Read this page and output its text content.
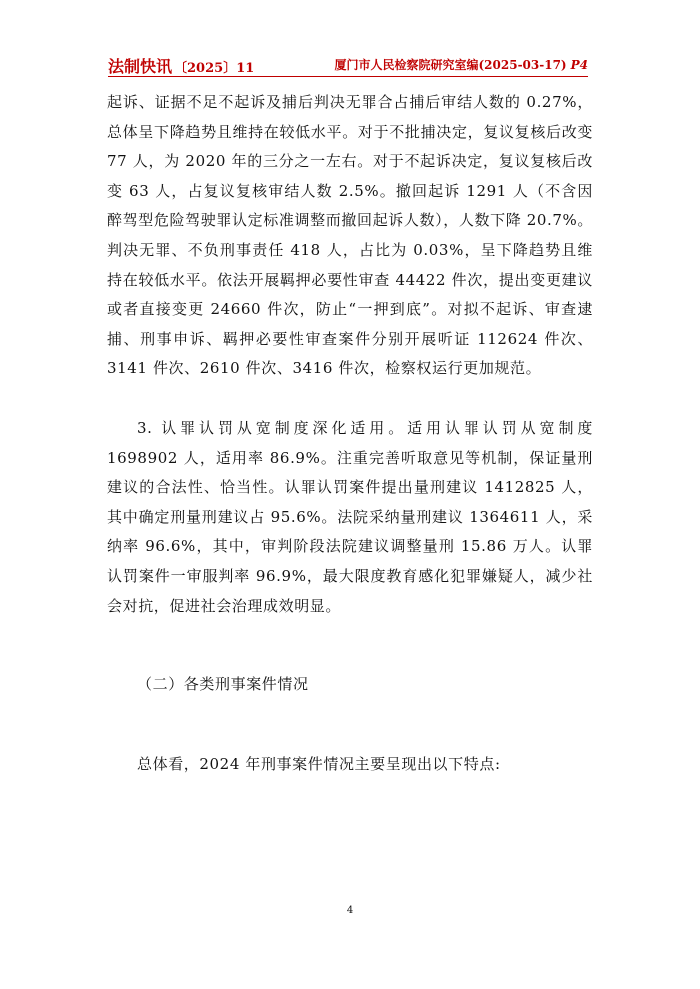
法制快讯 〔2025〕11	厦门市人民检察院研究室编(2025-03-17) P4

起诉、证据不足不起诉及捕后判决无罪合占捕后审结人数的 0.27%，总体呈下降趋势且维持在较低水平。对于不批捕决定，复议复核后改变 77 人，为 2020 年的三分之一左右。对于不起诉决定，复议复核后改变 63 人，占复议复核审结人数 2.5%。撤回起诉 1291 人（不含因醉驾型危险驾驶罪认定标准调整而撤回起诉人数），人数下降 20.7%。判决无罪、不负刑事责任 418 人，占比为 0.03%，呈下降趋势且维持在较低水平。依法开展羁押必要性审查 44422 件次，提出变更建议或者直接变更 24660 件次，防止“一押到底”。对拟不起诉、审查逮捕、刑事申诉、羁押必要性审查案件分别开展听证 112624 件次、3141 件次、2610 件次、3416 件次，检察权运行更加规范。

3. 认罪认罚从宽制度深化适用。适用认罪认罚从宽制度 1698902 人，适用率 86.9%。注重完善听取意见等机制，保证量刑建议的合法性、恰当性。认罪认罚案件提出量刑建议 1412825 人，其中确定刑量刑建议占 95.6%。法院采纳量刑建议 1364611 人，采纳率 96.6%，其中，审判阶段法院建议调整量刑 15.86 万人。认罪认罚案件一审服判率 96.9%，最大限度教育感化犯罪嫌疑人，减少社会对抗，促进社会治理成效明显。

（二）各类刑事案件情况

总体看，2024 年刑事案件情况主要呈现出以下特点:

4
